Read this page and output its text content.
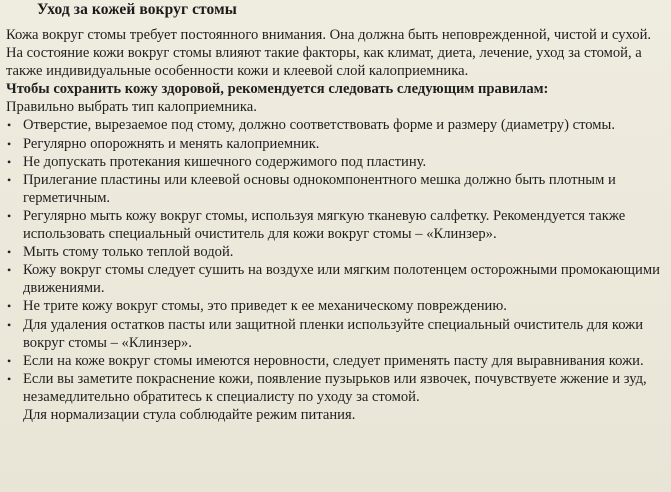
Уход за кожей вокруг стомы

Кожа вокруг стомы требует постоянного внимания. Она должна быть неповрежденной, чистой и сухой.

На состояние кожи вокруг стомы влияют такие факторы, как климат, диета, лечение, уход за стомой, а также индивидуальные особенности кожи и клеевой слой калоприемника.

Чтобы сохранить кожу здоровой, рекомендуется следовать следующим правилам:

Правильно выбрать тип калоприемника.

• Отверстие, вырезаемое под стому, должно соответствовать форме и размеру (диаметру) стомы.
• Регулярно опорожнять и менять калоприемник.
• Не допускать протекания кишечного содержимого под пластину.
• Прилегание пластины или клеевой основы однокомпонентного мешка должно быть плотным и герметичным.
• Регулярно мыть кожу вокруг стомы, используя мягкую тканевую салфетку. Рекомендуется также использовать специальный очиститель для кожи вокруг стомы – «Клинзер».
• Мыть стому только теплой водой.
• Кожу вокруг стомы следует сушить на воздухе или мягким полотенцем осторожными промокающими движениями.
• Не трите кожу вокруг стомы, это приведет к ее механическому повреждению.
• Для удаления остатков пасты или защитной пленки используйте специальный очиститель для кожи вокруг стомы – «Клинзер».
• Если на коже вокруг стомы имеются неровности, следует применять пасту для выравнивания кожи.
• Если вы заметите покраснение кожи, появление пузырьков или язвочек, почувствуете жжение и зуд, незамедлительно обратитесь к специалисту по уходу за стомой.

Для нормализации стула соблюдайте режим питания.
